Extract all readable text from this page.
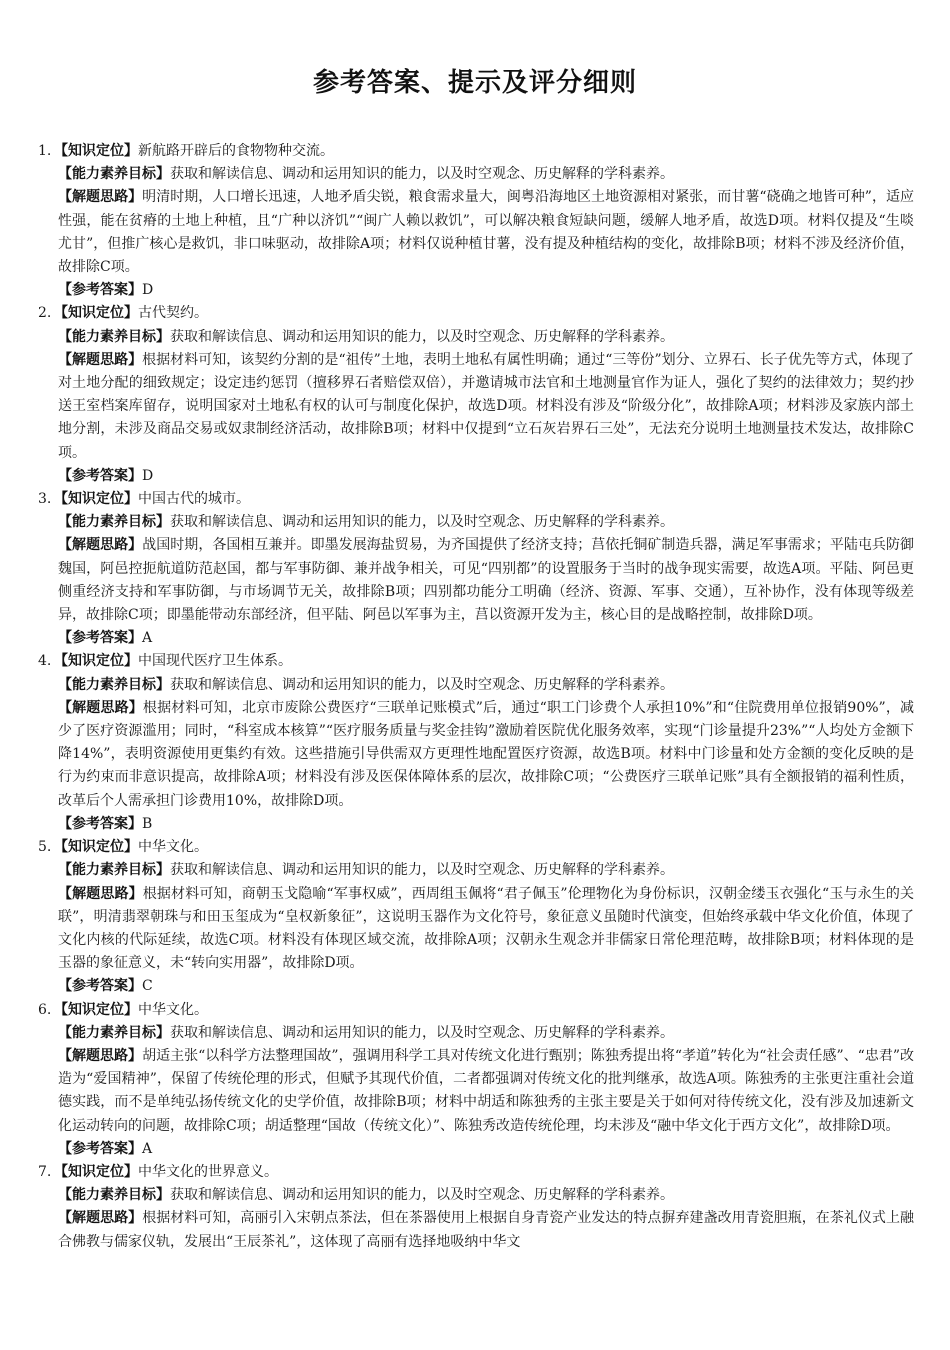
参考答案、提示及评分细则

1. 【知识定位】新航路开辟后的食物物种交流。

【能力素养目标】获取和解读信息、调动和运用知识的能力，以及时空观念、历史解释的学科素养。

【解题思路】明清时期，人口增长迅速，人地矛盾尖锐，粮食需求量大，闽粤沿海地区土地资源相对紧张，而甘薯“硗确之地皆可种”，适应性强，能在贫瘠的土地上种植，且“广种以济饥”“闽广人赖以救饥”，可以解决粮食短缺问题，缓解人地矛盾，故选D项。材料仅提及“生啖尤甘”，但推广核心是救饥，非口味驱动，故排除A项；材料仅说种植甘薯，没有提及种植结构的变化，故排除B项；材料不涉及经济价值，故排除C项。

【参考答案】D

2. 【知识定位】古代契约。

【能力素养目标】获取和解读信息、调动和运用知识的能力，以及时空观念、历史解释的学科素养。

【解题思路】根据材料可知，该契约分割的是“祖传”土地，表明土地私有属性明确；通过“三等份”划分、立界石、长子优先等方式，体现了对土地分配的细致规定；设定违约惩罚（擅移界石者赔偿双倍），并邀请城市法官和土地测量官作为证人，强化了契约的法律效力；契约抄送王室档案库留存，说明国家对土地私有权的认可与制度化保护，故选D项。材料没有涉及“阶级分化”，故排除A项；材料涉及家族内部土地分割，未涉及商品交易或奴隶制经济活动，故排除B项；材料中仅提到“立石灰岩界石三处”，无法充分说明土地测量技术发达，故排除C项。

【参考答案】D

3. 【知识定位】中国古代的城市。

【能力素养目标】获取和解读信息、调动和运用知识的能力，以及时空观念、历史解释的学科素养。

【解题思路】战国时期，各国相互兼并。即墨发展海盐贸易，为齐国提供了经济支持；莒依托铜矿制造兵器，满足军事需求；平陆屯兵防御魏国，阿邑控扼航道防范赵国，都与军事防御、兼并战争相关，可见“四别都”的设置服务于当时的战争现实需要，故选A项。平陆、阿邑更侧重经济支持和军事防御，与市场调节无关，故排除B项；四别都功能分工明确（经济、资源、军事、交通），互补协作，没有体现等级差异，故排除C项；即墨能带动东部经济，但平陆、阿邑以军事为主，莒以资源开发为主，核心目的是战略控制，故排除D项。

【参考答案】A

4. 【知识定位】中国现代医疗卫生体系。

【能力素养目标】获取和解读信息、调动和运用知识的能力，以及时空观念、历史解释的学科素养。

【解题思路】根据材料可知，北京市废除公费医疗“三联单记账模式”后，通过“职工门诊费个人承担10%”和“住院费用单位报销90%”，减少了医疗资源滥用；同时，“科室成本核算”“医疗服务质量与奖金挂钩”激励着医院优化服务效率，实现“门诊量提升23%”“人均处方金额下降14%”，表明资源使用更集约有效。这些措施引导供需双方更理性地配置医疗资源，故选B项。材料中门诊量和处方金额的变化反映的是行为约束而非意识提高，故排除A项；材料没有涉及医保体障体系的层次，故排除C项；“公费医疗三联单记账”具有全额报销的福利性质，改革后个人需承担门诊费用10%，故排除D项。

【参考答案】B

5. 【知识定位】中华文化。

【能力素养目标】获取和解读信息、调动和运用知识的能力，以及时空观念、历史解释的学科素养。

【解题思路】根据材料可知，商朝玉戈隐喻“军事权威”，西周组玉佩将“君子佩玉”伦理物化为身份标识，汉朝金缕玉衣强化“玉与永生的关联”，明清翡翠朝珠与和田玉玺成为“皇权新象征”，这说明玉器作为文化符号，象征意义虽随时代演变，但始终承载中华文化价值，体现了文化内核的代际延续，故选C项。材料没有体现区域交流，故排除A项；汉朝永生观念并非儒家日常伦理范畴，故排除B项；材料体现的是玉器的象征意义，未“转向实用器”，故排除D项。

【参考答案】C

6. 【知识定位】中华文化。

【能力素养目标】获取和解读信息、调动和运用知识的能力，以及时空观念、历史解释的学科素养。

【解题思路】胡适主张“以科学方法整理国故”，强调用科学工具对传统文化进行甄别；陈独秀提出将“孝道”转化为“社会责任感”、“忠君”改造为“爱国精神”，保留了传统伦理的形式，但赋予其现代价值，二者都强调对传统文化的批判继承，故选A项。陈独秀的主张更注重社会道德实践，而不是单纯弘扬传统文化的史学价值，故排除B项；材料中胡适和陈独秀的主张主要是关于如何对待传统文化，没有涉及加速新文化运动转向的问题，故排除C项；胡适整理“国故（传统文化）”、陈独秀改造传统伦理，均未涉及“融中华文化于西方文化”，故排除D项。

【参考答案】A

7. 【知识定位】中华文化的世界意义。

【能力素养目标】获取和解读信息、调动和运用知识的能力，以及时空观念、历史解释的学科素养。

【解题思路】根据材料可知，高丽引入宋朝点茶法，但在茶器使用上根据自身青瓷产业发达的特点摒弃建盏改用青瓷胆瓶，在茶礼仪式上融合佛教与儒家仪轨，发展出“王辰茶礼”，这体现了高丽有选择地吸纳中华文
